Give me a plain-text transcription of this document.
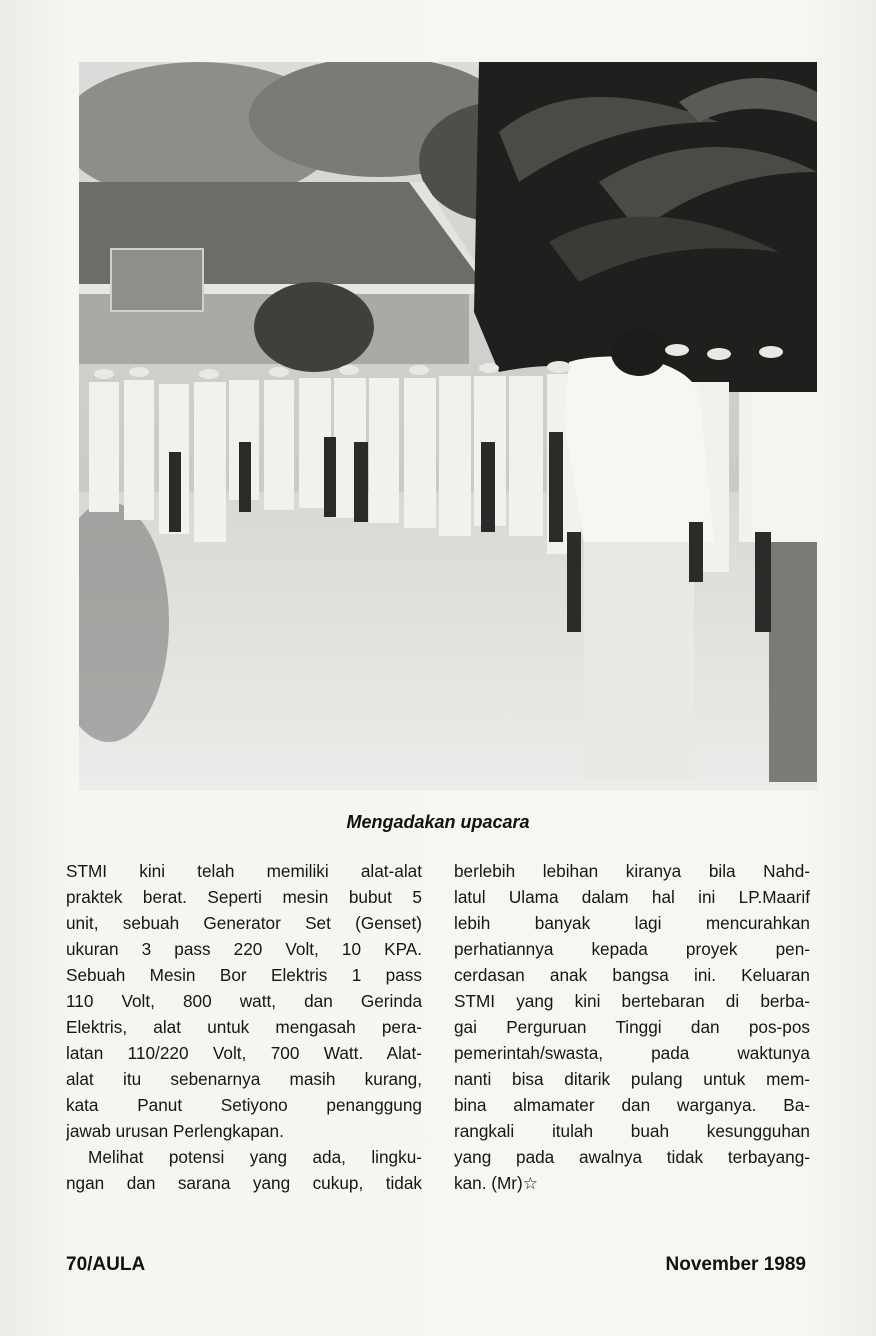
Mengadakan upacara
STMI kini telah memiliki alat-alat
praktek berat. Seperti mesin bubut 5
unit, sebuah Generator Set (Genset)
ukuran 3 pass 220 Volt, 10 KPA.
Sebuah Mesin Bor Elektris 1 pass
110 Volt, 800 watt, dan Gerinda
Elektris, alat untuk mengasah pera-
latan 110/220 Volt, 700 Watt. Alat-
alat itu sebenarnya masih kurang,
kata Panut Setiyono penanggung
jawab urusan Perlengkapan.
Melihat potensi yang ada, lingku-
ngan dan sarana yang cukup, tidak
berlebih lebihan kiranya bila Nahd-
latul Ulama dalam hal ini LP.Maarif
lebih banyak lagi mencurahkan
perhatiannya kepada proyek pen-
cerdasan anak bangsa ini. Keluaran
STMI yang kini bertebaran di berba-
gai Perguruan Tinggi dan pos-pos
pemerintah/swasta, pada waktunya
nanti bisa ditarik pulang untuk mem-
bina almamater dan warganya. Ba-
rangkali itulah buah kesungguhan
yang pada awalnya tidak terbayang-
kan. (Mr)☆
70/AULA	November 1989
